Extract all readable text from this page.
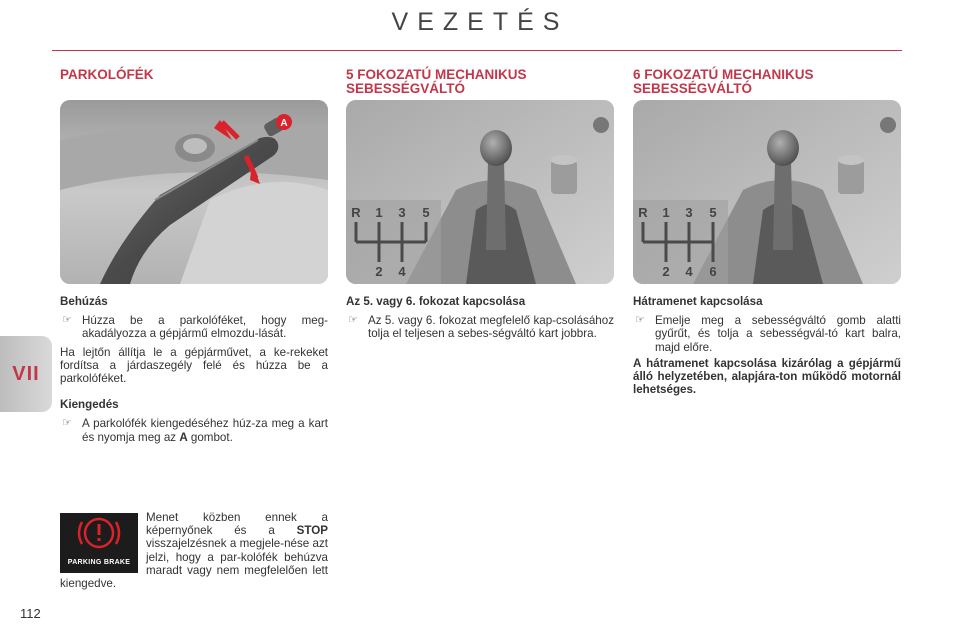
VEZETÉS
VII
112
PARKOLÓFÉK
A
Behúzás
☞ Húzza be a parkolóféket, hogy meg-akadályozza a gépjármű elmozdu-lását.
Ha lejtőn állítja le a gépjárművet, a ke-rekeket fordítsa a járdaszegély felé és húzza be a parkolóféket.
Kiengedés
☞ A parkolófék kiengedéséhez húz-za meg a kart és nyomja meg az A gombot.
PARKING BRAKE
Menet közben ennek a képernyőnek és a STOP visszajelzésnek a megjele-nése azt jelzi, hogy a par-kolófék behúzva maradt vagy nem megfelelően lett kiengedve.
5 FOKOZATÚ MECHANIKUS
SEBESSÉGVÁLTÓ
R 1 3 5
2 4
Az 5. vagy 6. fokozat kapcsolása
☞ Az 5. vagy 6. fokozat megfelelő kap-csolásához tolja el teljesen a sebes-ségváltó kart jobbra.
6 FOKOZATÚ MECHANIKUS
SEBESSÉGVÁLTÓ
R 1 3 5
2 4 6
Hátramenet kapcsolása
☞ Emelje meg a sebességváltó gomb alatti gyűrűt, és tolja a sebességvál-tó kart balra, majd előre.
A hátramenet kapcsolása kizárólag a gépjármű álló helyzetében, alapjára-ton működő motornál lehetséges.
